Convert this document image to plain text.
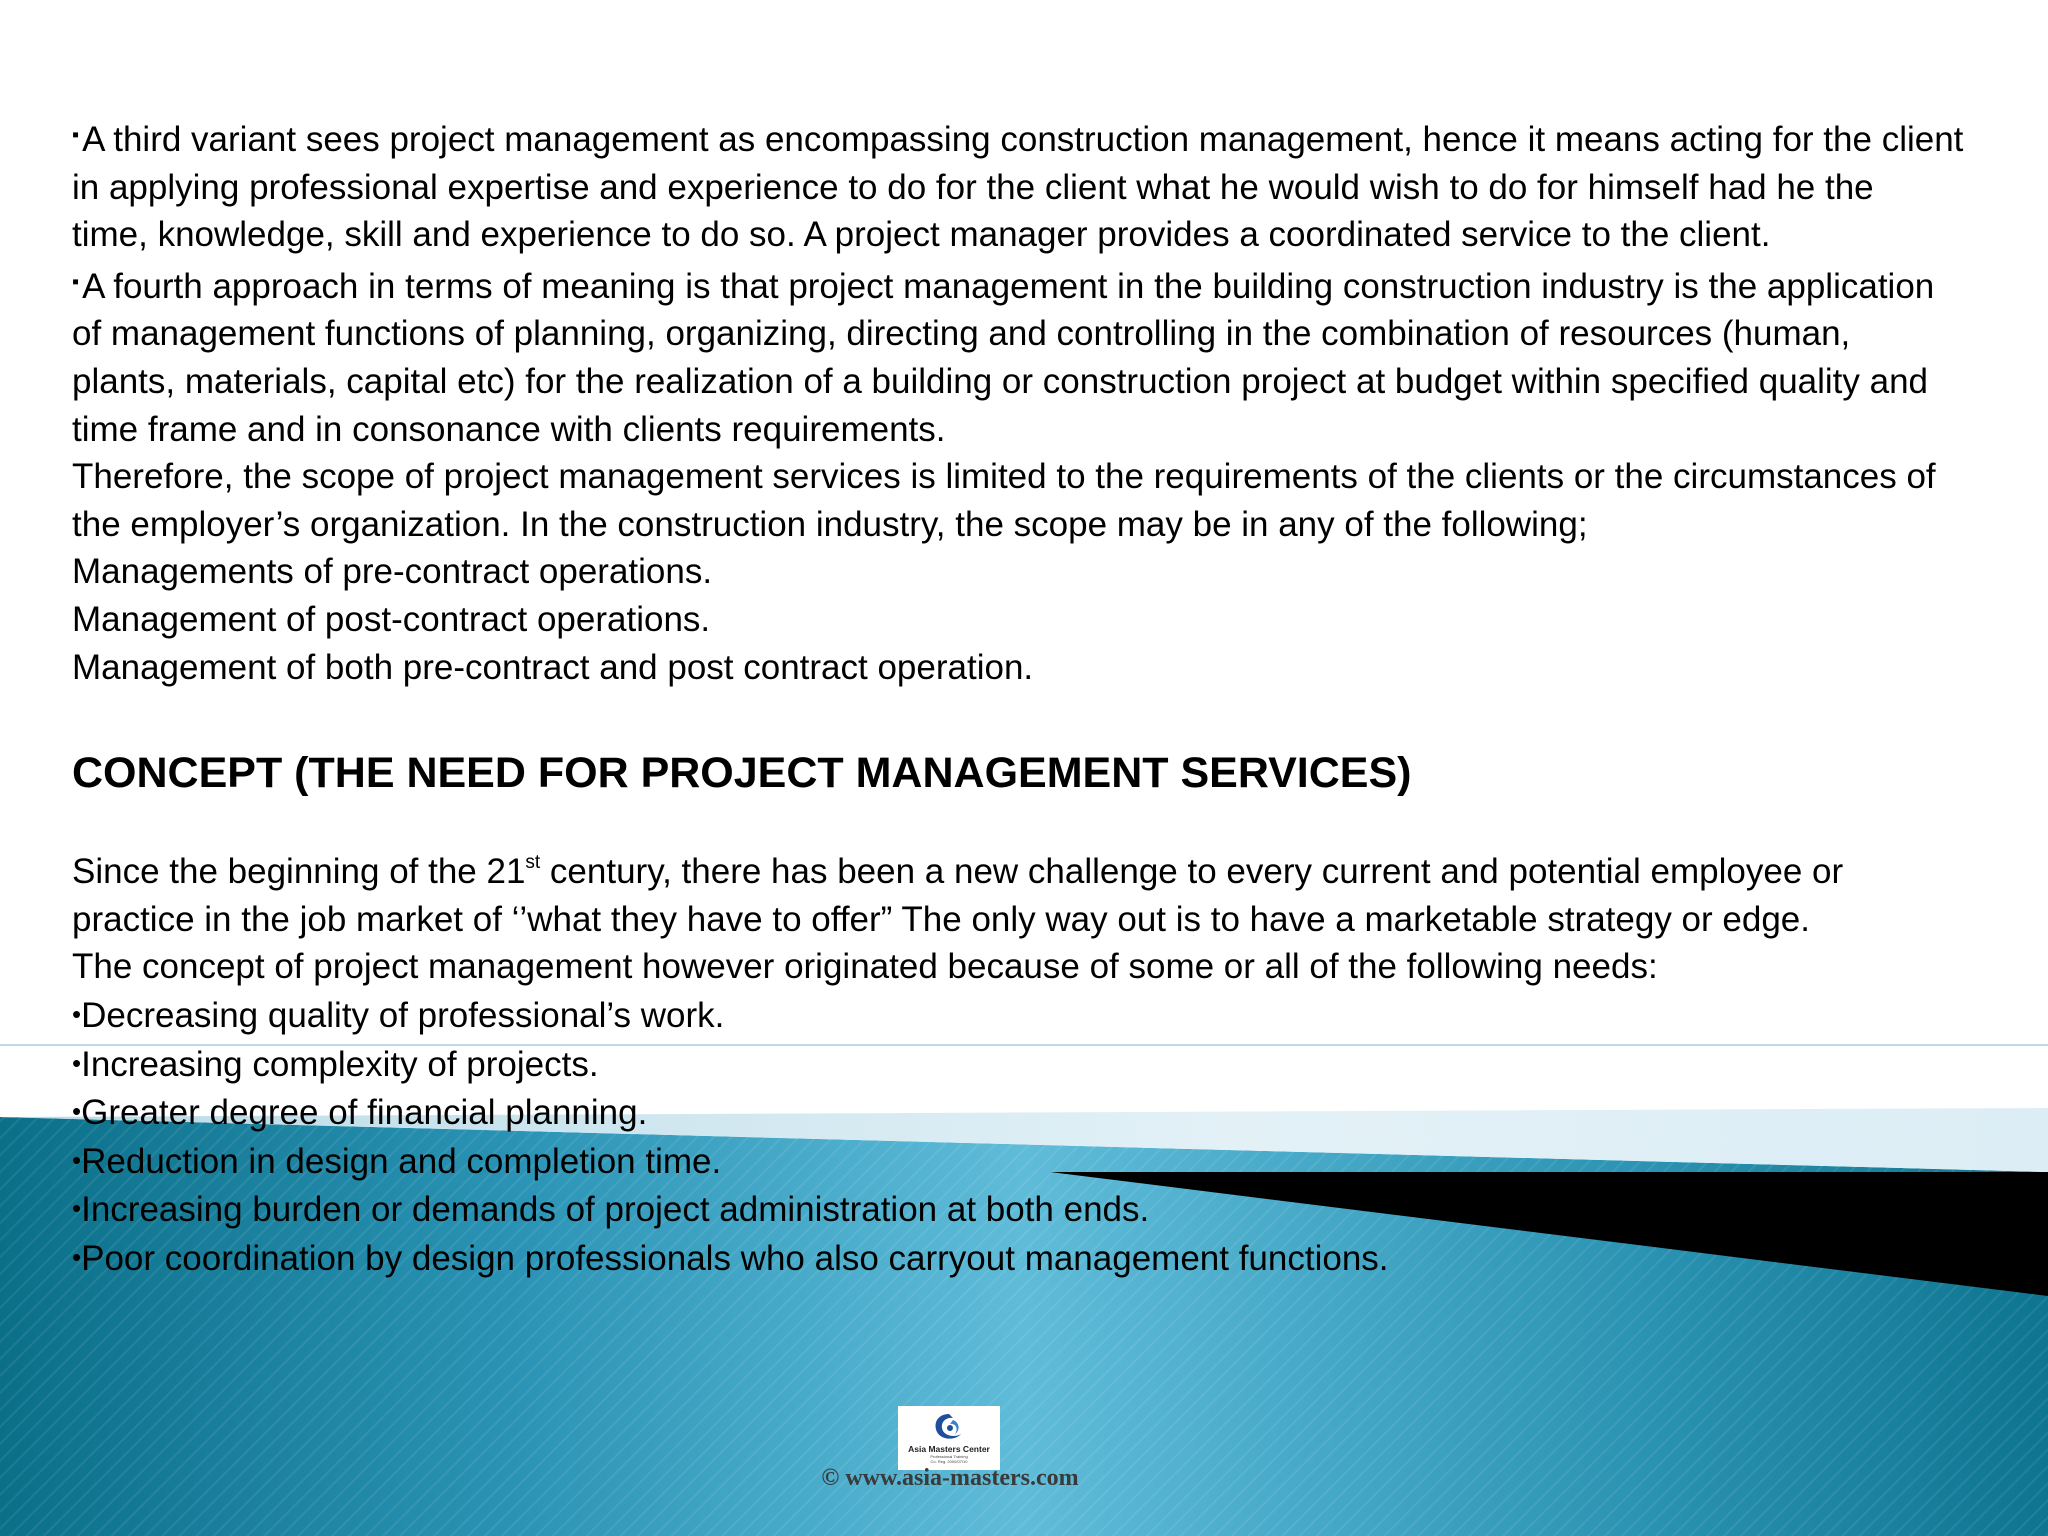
▪A third variant sees project management as encompassing construction management, hence it means acting for the client
in applying professional expertise and experience to do for the client what he would wish to do for himself had he the
time, knowledge, skill and experience to do so. A project manager provides a coordinated service to the client.
▪A fourth approach in terms of meaning is that project management in the building construction industry is the application
of management functions of planning, organizing, directing and controlling in the combination of resources (human,
plants, materials, capital etc) for the realization of a building or construction project at budget within specified quality and
time frame and in consonance with clients requirements.
Therefore, the scope of project management services is limited to the requirements of the clients or the circumstances of
the employer’s organization. In the construction industry, the scope may be in any of the following;
Managements of pre-contract operations.
Management of post-contract operations.
Management of both pre-contract and post contract operation.
CONCEPT (THE NEED FOR PROJECT MANAGEMENT SERVICES)
Since the beginning of the 21st century, there has been a new challenge to every current and potential employee or
practice in the job market of ‘’what they have to offer” The only way out is to have a marketable strategy or edge.
The concept of project management however originated because of some or all of the following needs:
•Decreasing quality of professional’s work.
•Increasing complexity of projects.
•Greater degree of financial planning.
•Reduction in design and completion time.
•Increasing burden or demands of project administration at both ends.
•Poor coordination by design professionals who also carryout management functions.
Asia Masters Center
Professional Training
Co. Reg. 2000/07/10
© www.asia-masters.com
